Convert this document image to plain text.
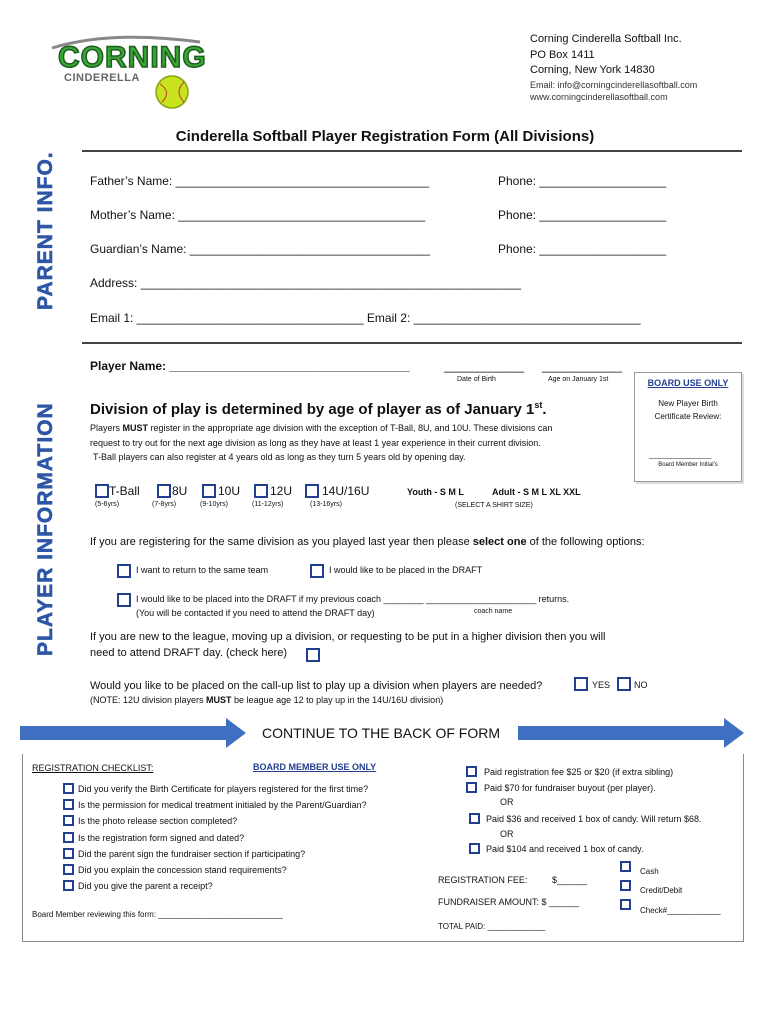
CORNING
CINDERELLA
Corning Cinderella Softball Inc.
PO Box 1411
Corning, New York 14830
Email: info@corningcinderellasoftball.com
www.corningcinderellasoftball.com
Cinderella Softball Player Registration Form (All Divisions)
PARENT INFO.	Father’s Name: ______________________________________	Phone: ___________________
Mother’s Name: _____________________________________	Phone: ___________________
Guardian’s Name: ____________________________________	Phone: ___________________
Address: _________________________________________________________
Email 1: __________________________________ Email 2: __________________________________
PLAYER INFORMATION
Player Name: ____________________________________	____________
Date of Birth
____________
Age on January 1st	BOARD USE ONLY
New Player Birth
Certificate Review:
________________
Board Member Initial’s
Division of play is determined by age of player as of January 1st.
Players MUST register in the appropriate age division with the exception of T-Ball, 8U, and 10U. These divisions can
request to try out for the next age division as long as they have at least 1 year experience in their current division.
T-Ball players can also register at 4 years old as long as they turn 5 years old by opening day.
T-Ball
(5-6yrs)
8U
(7-8yrs)
10U
(9-10yrs)
12U
(11-12yrs)
14U/16U
(13-16yrs)
Youth - S M L	Adult - S M L XL XXL
(SELECT A SHIRT SIZE)
If you are registering for the same division as you played last year then please select one of the following options:
I want to return to the same team	I would like to be placed in the DRAFT
I would like to be placed into the DRAFT if my previous coach ________ ______________________ returns.
(You will be contacted if you need to attend the DRAFT day)	coach name
If you are new to the league, moving up a division, or requesting to be put in a higher division then you will
need to attend DRAFT day. (check here)
Would you like to be placed on the call-up list to play up a division when players are needed?	YES	NO
(NOTE: 12U division players MUST be league age 12 to play up in the 14U/16U division)
CONTINUE TO THE BACK OF FORM
REGISTRATION CHECKLIST:	BOARD MEMBER USE ONLY
Did you verify the Birth Certificate for players registered for the first time?
Is the permission for medical treatment initialed by the Parent/Guardian?
Is the photo release section completed?
Is the registration form signed and dated?
Did the parent sign the fundraiser section if participating?
Did you explain the concession stand requirements?
Did you give the parent a receipt?
Board Member reviewing this form: ____________________________
Paid registration fee $25 or $20 (if extra sibling)
Paid $70 for fundraiser buyout (per player).
OR
Paid $36 and received 1 box of candy. Will return $68.
OR
Paid $104 and received 1 box of candy.
REGISTRATION FEE:	$______
FUNDRAISER AMOUNT: $ ______
TOTAL PAID: _____________
Cash
Credit/Debit
Check#____________
